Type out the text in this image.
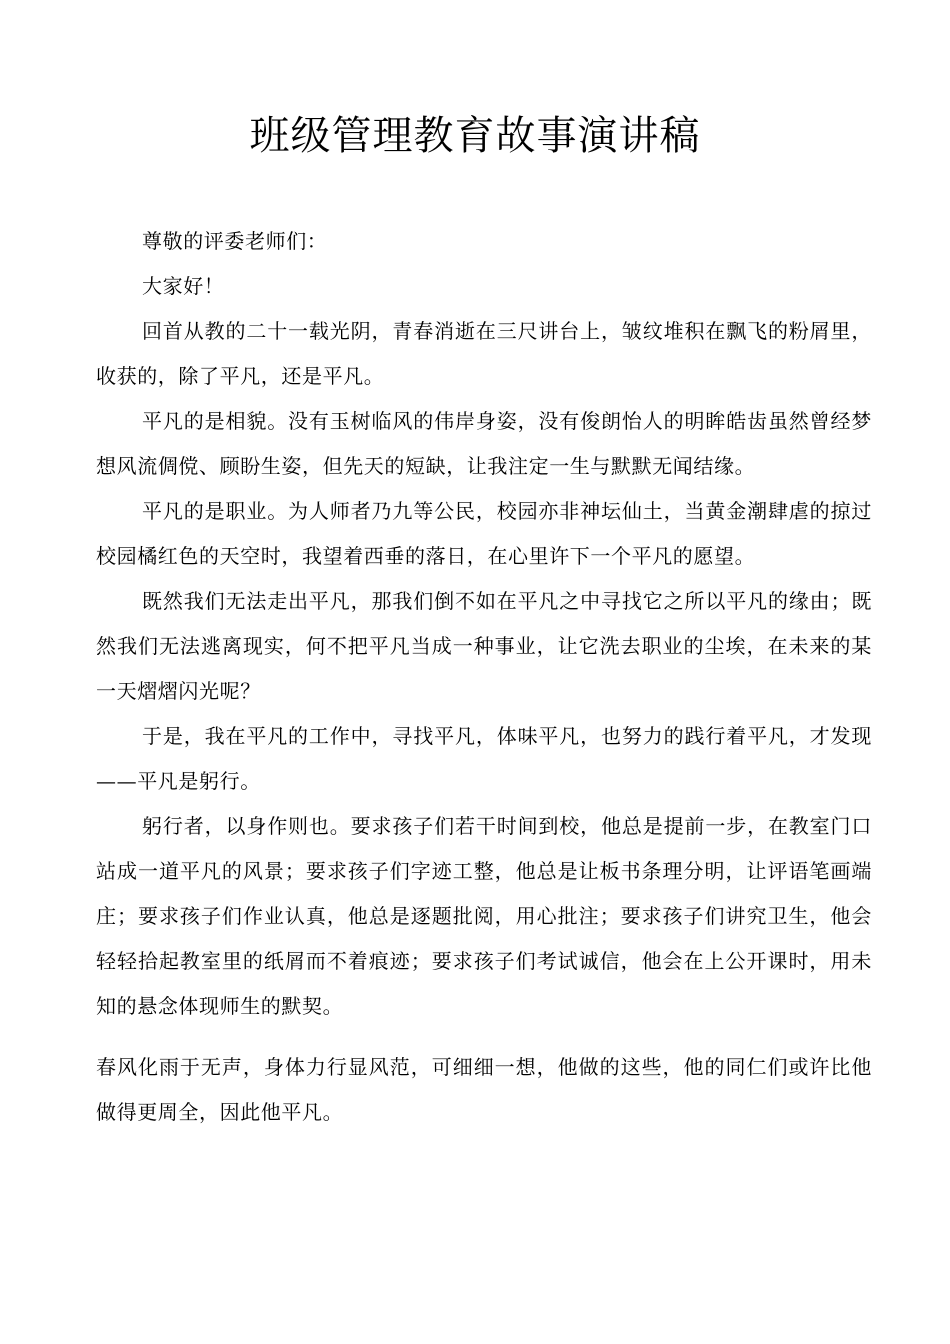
班级管理教育故事演讲稿

尊敬的评委老师们：

大家好！

回首从教的二十一载光阴，青春消逝在三尺讲台上，皱纹堆积在飘飞的粉屑里，收获的，除了平凡，还是平凡。

平凡的是相貌。没有玉树临风的伟岸身姿，没有俊朗怡人的明眸皓齿虽然曾经梦想风流倜傥、顾盼生姿，但先天的短缺，让我注定一生与默默无闻结缘。

平凡的是职业。为人师者乃九等公民，校园亦非神坛仙土，当黄金潮肆虐的掠过校园橘红色的天空时，我望着西垂的落日，在心里许下一个平凡的愿望。

既然我们无法走出平凡，那我们倒不如在平凡之中寻找它之所以平凡的缘由；既然我们无法逃离现实，何不把平凡当成一种事业，让它洗去职业的尘埃，在未来的某一天熠熠闪光呢？

于是，我在平凡的工作中，寻找平凡，体味平凡，也努力的践行着平凡，才发现——平凡是躬行。

躬行者，以身作则也。要求孩子们若干时间到校，他总是提前一步，在教室门口站成一道平凡的风景；要求孩子们字迹工整，他总是让板书条理分明，让评语笔画端庄；要求孩子们作业认真，他总是逐题批阅，用心批注；要求孩子们讲究卫生，他会轻轻拾起教室里的纸屑而不着痕迹；要求孩子们考试诚信，他会在上公开课时，用未知的悬念体现师生的默契。

春风化雨于无声，身体力行显风范，可细细一想，他做的这些，他的同仁们或许比他做得更周全，因此他平凡。
